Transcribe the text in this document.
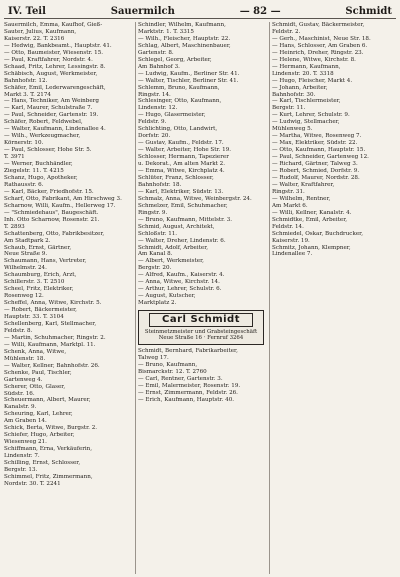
IV. Teil	Sauermilch	— 82 —	Schmidt
Sauermilch, Emma, Kaufhof, Gieß-
Sauter, Julius, Kaufmann,
Kaiserstr. 22. T. 2316
— Hedwig, Bankbeamt., Hauptstr. 41.
— Otto, Baumeister, Wiesenstr. 15.
— Paul, Kraftfahrer, Nordstr. 4.
Schaad, Fritz, Lehrer, Lessingstr. 8.
Schäbisch, August, Werkmeister,
Bahnhofstr. 12.
Schäfer, Emil, Lederwarengeschäft,
Markt 3. T. 2174
— Hans, Techniker, Am Weinberg
— Karl, Maurer, Schulstraße 7.
— Paul, Schneider, Gartenstr. 19.
Schäfer, Robert, Feldwebel,
— Walter, Kaufmann, Lindenallee 4.
— Wilh., Werkzeugmacher,
Körnerstr. 10.
— Paul, Schlosser, Hohe Str. 5.
T. 3971
— Werner, Buchhändler,
Ziegelstr. 11. T. 4215
Schanz, Hugo, Apotheker,
Rathausstr. 6.
— Karl, Bäcker, Friedhofstr. 15.
Scharf, Otto, Fabrikant, Am Hirschweg 3.
Scharnow, Willi, Kaufm., Hellerweg 17.
— "Schmiedehaus", Baugeschäft.
Inh. Otto Scharnow, Rosenstr. 21.
T. 2893
Schattenberg, Otto, Fabrikbesitzer,
Am Stadtpark 2.
Schaub, Ernst, Gärtner,
Neue Straße 9.
Schaumann, Hans, Vertreter,
Wilhelmstr. 24.
Schaumburg, Erich, Arzt,
Schillerstr. 3. T. 2510
Scheel, Fritz, Elektriker,
Rosenweg 12.
Scheffel, Anna, Witwe, Kirchstr. 5.
— Robert, Bäckermeister,
Hauptstr. 33. T. 3104
Schellenberg, Karl, Stellmacher,
Feldstr. 8.
— Martin, Schuhmacher, Ringstr. 2.
— Willi, Kaufmann, Marktpl. 11.
Schenk, Anna, Witwe,
Mühlenstr. 18.
— Walter, Kellner, Bahnhofstr. 26.
Schenke, Paul, Tischler,
Gartenweg 4.
Scherer, Otto, Glaser,
Südstr. 16.
Scheuermann, Albert, Maurer,
Kanalstr. 9.
Scheuring, Karl, Lehrer,
Am Graben 14.
Schick, Berta, Witwe, Burgstr. 2.
Schiefer, Hugo, Arbeiter,
Wiesenweg 21.
Schiffmann, Erna, Verkäuferin,
Lindenstr. 7.
Schilling, Ernst, Schlosser,
Bergstr. 13.
Schimmel, Fritz, Zimmermann,
Nordstr. 30. T. 2241
Schindler, Wilhelm, Kaufmann,
Marktstr. 1. T. 3315
— Wilh., Fleischer, Hauptstr. 22.
Schlag, Albert, Maschinenbauer,
Gartenstr. 8.
Schlegel, Georg, Arbeiter,
Am Bahnhof 3.
— Ludwig, Kaufm., Berliner Str. 41.
— Walter, Tischler, Berliner Str. 41.
Schlemm, Bruno, Kaufmann,
Ringstr. 14.
Schlesinger, Otto, Kaufmann,
Lindenstr. 12.
— Hugo, Glasermeister,
Feldstr. 9.
Schlichting, Otto, Landwirt,
Dorfstr. 20.
— Gustav, Kaufm., Feldstr. 17.
— Walter, Arbeiter, Hohe Str. 19.
Schlosser, Hermann, Tapezierer
u. Dekorat., Am alten Markt 2.
— Emma, Witwe, Kirchplatz 4.
Schlüter, Franz, Schlosser,
Bahnhofstr. 18.
— Karl, Elektriker, Südstr. 13.
Schmalz, Anna, Witwe, Weinbergstr. 24.
Schmelzer, Emil, Schuhmacher,
Ringstr. 9.
— Bruno, Kaufmann, Mittelstr. 3.
Schmid, August, Architekt,
Schloßstr. 11.
— Walter, Dreher, Lindenstr. 6.
Schmidt, Adolf, Arbeiter,
Am Kanal 8.
— Albert, Werkmeister,
Bergstr. 20.
— Alfred, Kaufm., Kaiserstr. 4.
— Anna, Witwe, Kirchstr. 14.
— Arthur, Lehrer, Schulstr. 6.
— August, Kutscher,
Marktplatz 2.
Carl Schmidt
Steinmetzmeister und Grabsteingeschäft
Neue Straße 16 · Fernruf 3264
Schmidt, Bernhard, Fabrikarbeiter,
Talweg 17.
— Bruno, Kaufmann,
Bismarckstr. 12. T. 2760
— Carl, Rentner, Gartenstr. 3.
— Emil, Malermeister, Rosenstr. 19.
— Ernst, Zimmermann, Feldstr. 26.
— Erich, Kaufmann, Hauptstr. 40.
Schmidt, Gustav, Bäckermeister,
Feldstr. 2.
— Gerh., Maschinist, Neue Str. 18.
— Hans, Schlosser, Am Graben 6.
— Heinrich, Dreher, Ringstr. 23.
— Helene, Witwe, Kirchstr. 8.
— Hermann, Kaufmann,
Lindenstr. 20. T. 3318
— Hugo, Fleischer, Markt 4.
— Johann, Arbeiter,
Bahnhofstr. 30.
— Karl, Tischlermeister,
Bergstr. 11.
— Kurt, Lehrer, Schulstr. 9.
— Ludwig, Stellmacher,
Mühlenweg 5.
— Martha, Witwe, Rosenweg 7.
— Max, Elektriker, Südstr. 22.
— Otto, Kaufmann, Hauptstr. 15.
— Paul, Schneider, Gartenweg 12.
— Richard, Gärtner, Talweg 3.
— Robert, Schmied, Dorfstr. 9.
— Rudolf, Maurer, Nordstr. 28.
— Walter, Kraftfahrer,
Ringstr. 31.
— Wilhelm, Rentner,
Am Markt 6.
— Willi, Kellner, Kanalstr. 4.
Schmidtke, Emil, Arbeiter,
Feldstr. 14.
Schmiedel, Oskar, Buchdrucker,
Kaiserstr. 19.
Schmitz, Johann, Klempner,
Lindenallee 7.
